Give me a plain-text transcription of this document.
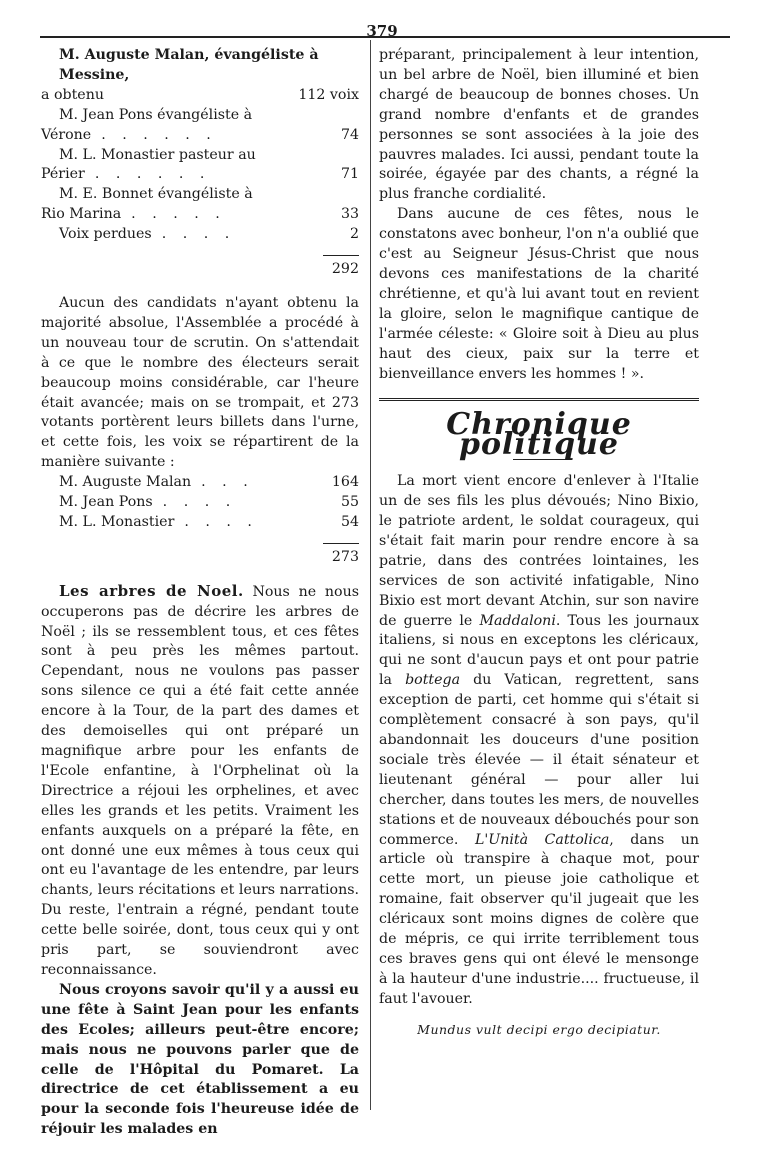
379
M. Auguste Malan, évangéliste à Messine,
a obtenu	112 voix
M. Jean Pons évangéliste à
Vérone . . . . . .	74
M. L. Monastier pasteur au
Périer . . . . . .	71
M. E. Bonnet évangéliste à
Rio Marina . . . . .	33
Voix perdues . . . .	2
292

Aucun des candidats n'ayant obtenu la majorité absolue, l'Assemblée a procédé à un nouveau tour de scrutin. On s'attendait à ce que le nombre des électeurs serait beaucoup moins considérable, car l'heure était avancée; mais on se trompait, et 273 votants portèrent leurs billets dans l'urne, et cette fois, les voix se répartirent de la manière suivante :

M. Auguste Malan . . .	164
M. Jean Pons . . . .	55
M. L. Monastier . . . .	54
273

Les arbres de Noel. Nous ne nous occuperons pas de décrire les arbres de Noël ; ils se ressemblent tous, et ces fêtes sont à peu près les mêmes partout. Cependant, nous ne voulons pas passer sons silence ce qui a été fait cette année encore à la Tour, de la part des dames et des demoiselles qui ont préparé un magnifique arbre pour les enfants de l'Ecole enfantine, à l'Orphelinat où la Directrice a réjoui les orphelines, et avec elles les grands et les petits. Vraiment les enfants auxquels on a préparé la fête, en ont donné une eux mêmes à tous ceux qui ont eu l'avantage de les entendre, par leurs chants, leurs récitations et leurs narrations. Du reste, l'entrain a régné, pendant toute cette belle soirée, dont, tous ceux qui y ont pris part, se souviendront avec reconnaissance.

Nous croyons savoir qu'il y a aussi eu une fête à Saint Jean pour les enfants des Ecoles; ailleurs peut-être encore; mais nous ne pouvons parler que de celle de l'Hôpital du Pomaret. La directrice de cet établissement a eu pour la seconde fois l'heureuse idée de réjouir les malades en

préparant, principalement à leur intention, un bel arbre de Noël, bien illuminé et bien chargé de beaucoup de bonnes choses. Un grand nombre d'enfants et de grandes personnes se sont associées à la joie des pauvres malades. Ici aussi, pendant toute la soirée, égayée par des chants, a régné la plus franche cordialité.

Dans aucune de ces fêtes, nous le constatons avec bonheur, l'on n'a oublié que c'est au Seigneur Jésus-Christ que nous devons ces manifestations de la charité chrétienne, et qu'à lui avant tout en revient la gloire, selon le magnifique cantique de l'armée céleste: « Gloire soit à Dieu au plus haut des cieux, paix sur la terre et bienveillance envers les hommes ! ».

Chronique politique

La mort vient encore d'enlever à l'Italie un de ses fils les plus dévoués; Nino Bixio, le patriote ardent, le soldat courageux, qui s'était fait marin pour rendre encore à sa patrie, dans des contrées lointaines, les services de son activité infatigable, Nino Bixio est mort devant Atchin, sur son navire de guerre le Maddaloni. Tous les journaux italiens, si nous en exceptons les cléricaux, qui ne sont d'aucun pays et ont pour patrie la bottega du Vatican, regrettent, sans exception de parti, cet homme qui s'était si complètement consacré à son pays, qu'il abandonnait les douceurs d'une position sociale très élevée — il était sénateur et lieutenant général — pour aller lui chercher, dans toutes les mers, de nouvelles stations et de nouveaux débouchés pour son commerce. L'Unità Cattolica, dans un article où transpire à chaque mot, pour cette mort, un pieuse joie catholique et romaine, fait observer qu'il jugeait que les cléricaux sont moins dignes de colère que de mépris, ce qui irrite terriblement tous ces braves gens qui ont élevé le mensonge à la hauteur d'une industrie.... fructueuse, il faut l'avouer.

Mundus vult decipi ergo decipiatur.
